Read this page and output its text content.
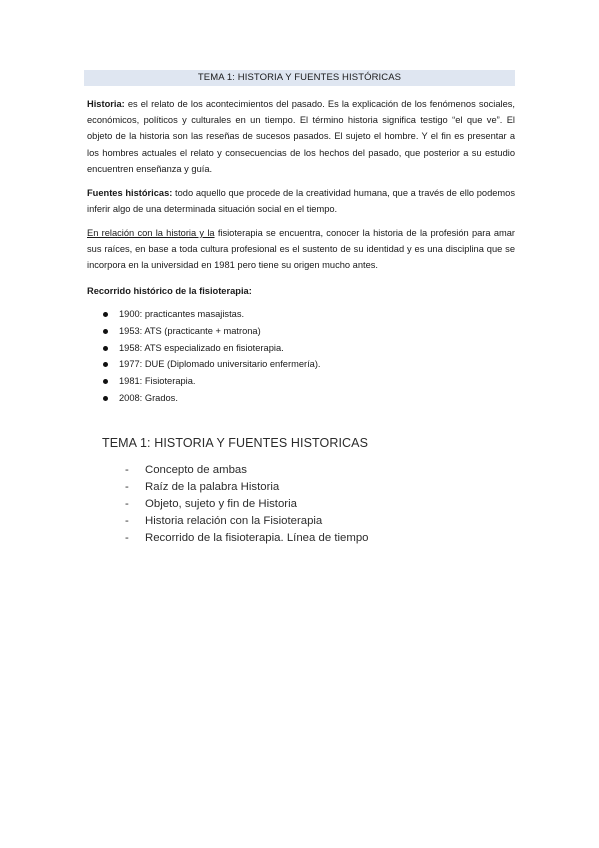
TEMA 1: HISTORIA Y FUENTES HISTÓRICAS

Historia: es el relato de los acontecimientos del pasado. Es la explicación de los fenómenos sociales, económicos, políticos y culturales en un tiempo. El término historia significa testigo “el que ve”. El objeto de la historia son las reseñas de sucesos pasados. El sujeto el hombre. Y el fin es presentar a los hombres actuales el relato y consecuencias de los hechos del pasado, que posterior a su estudio encuentren enseñanza y guía.

Fuentes históricas: todo aquello que procede de la creatividad humana, que a través de ello podemos inferir algo de una determinada situación social en el tiempo.

En relación con la historia y la fisioterapia se encuentra, conocer la historia de la profesión para amar sus raíces, en base a toda cultura profesional es el sustento de su identidad y es una disciplina que se incorpora en la universidad en 1981 pero tiene su origen mucho antes.

Recorrido histórico de la fisioterapia:

1900: practicantes masajistas.
1953: ATS (practicante + matrona)
1958: ATS especializado en fisioterapia.
1977: DUE (Diplomado universitario enfermería).
1981: Fisioterapia.
2008: Grados.
TEMA 1: HISTORIA Y FUENTES HISTORICAS
- Concepto de ambas
- Raíz de la palabra Historia
- Objeto, sujeto y fin de Historia
- Historia relación con la Fisioterapia
- Recorrido de la fisioterapia. Línea de tiempo
